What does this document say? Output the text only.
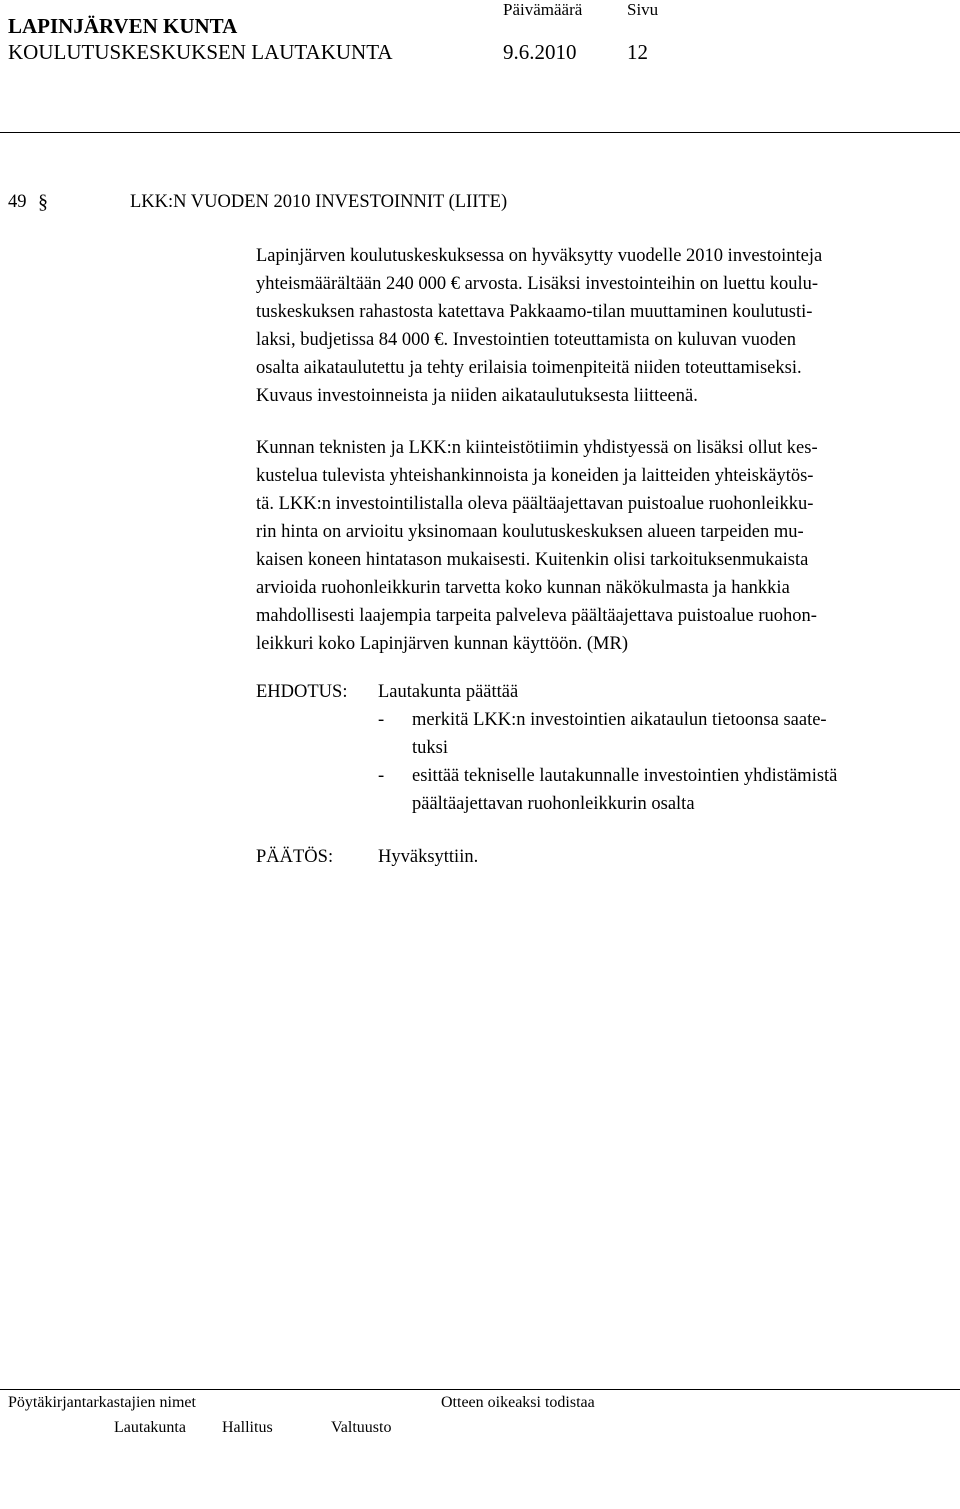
LAPINJÄRVEN KUNTA
Päivämäärä	Sivu
KOULUTUSKESKUKSEN LAUTAKUNTA	9.6.2010 12
49 §	LKK:N VUODEN 2010 INVESTOINNIT (LIITE)
Lapinjärven koulutuskeskuksessa on hyväksytty vuodelle 2010 investointeja
yhteismäärältään 240 000 € arvosta. Lisäksi investointeihin on luettu koulu-
tuskeskuksen rahastosta katettava Pakkaamo-tilan muuttaminen koulutusti-
laksi, budjetissa 84 000 €. Investointien toteuttamista on kuluvan vuoden
osalta aikataulutettu ja tehty erilaisia toimenpiteitä niiden toteuttamiseksi.
Kuvaus investoinneista ja niiden aikataulutuksesta liitteenä.
Kunnan teknisten ja LKK:n kiinteistötiimin yhdistyessä on lisäksi ollut kes-
kustelua tulevista yhteishankinnoista ja koneiden ja laitteiden yhteiskäytös-
tä. LKK:n investointilistalla oleva päältäajettavan puistoalue ruohonleikku-
rin hinta on arvioitu yksinomaan koulutuskeskuksen alueen tarpeiden mu-
kaisen koneen hintatason mukaisesti. Kuitenkin olisi tarkoituksenmukaista
arvioida ruohonleikkurin tarvetta koko kunnan näkökulmasta ja hankkia
mahdollisesti laajempia tarpeita palveleva päältäajettava puistoalue ruohon-
leikkuri koko Lapinjärven kunnan käyttöön. (MR)
EHDOTUS: Lautakunta päättää
- merkitä LKK:n investointien aikataulun tietoonsa saate-
tuksi
- esittää tekniselle lautakunnalle investointien yhdistämistä
päältäajettavan ruohonleikkurin osalta
PÄÄTÖS: Hyväksyttiin.
Pöytäkirjantarkastajien nimet	Otteen oikeaksi todistaa
Lautakunta Hallitus	Valtuusto
